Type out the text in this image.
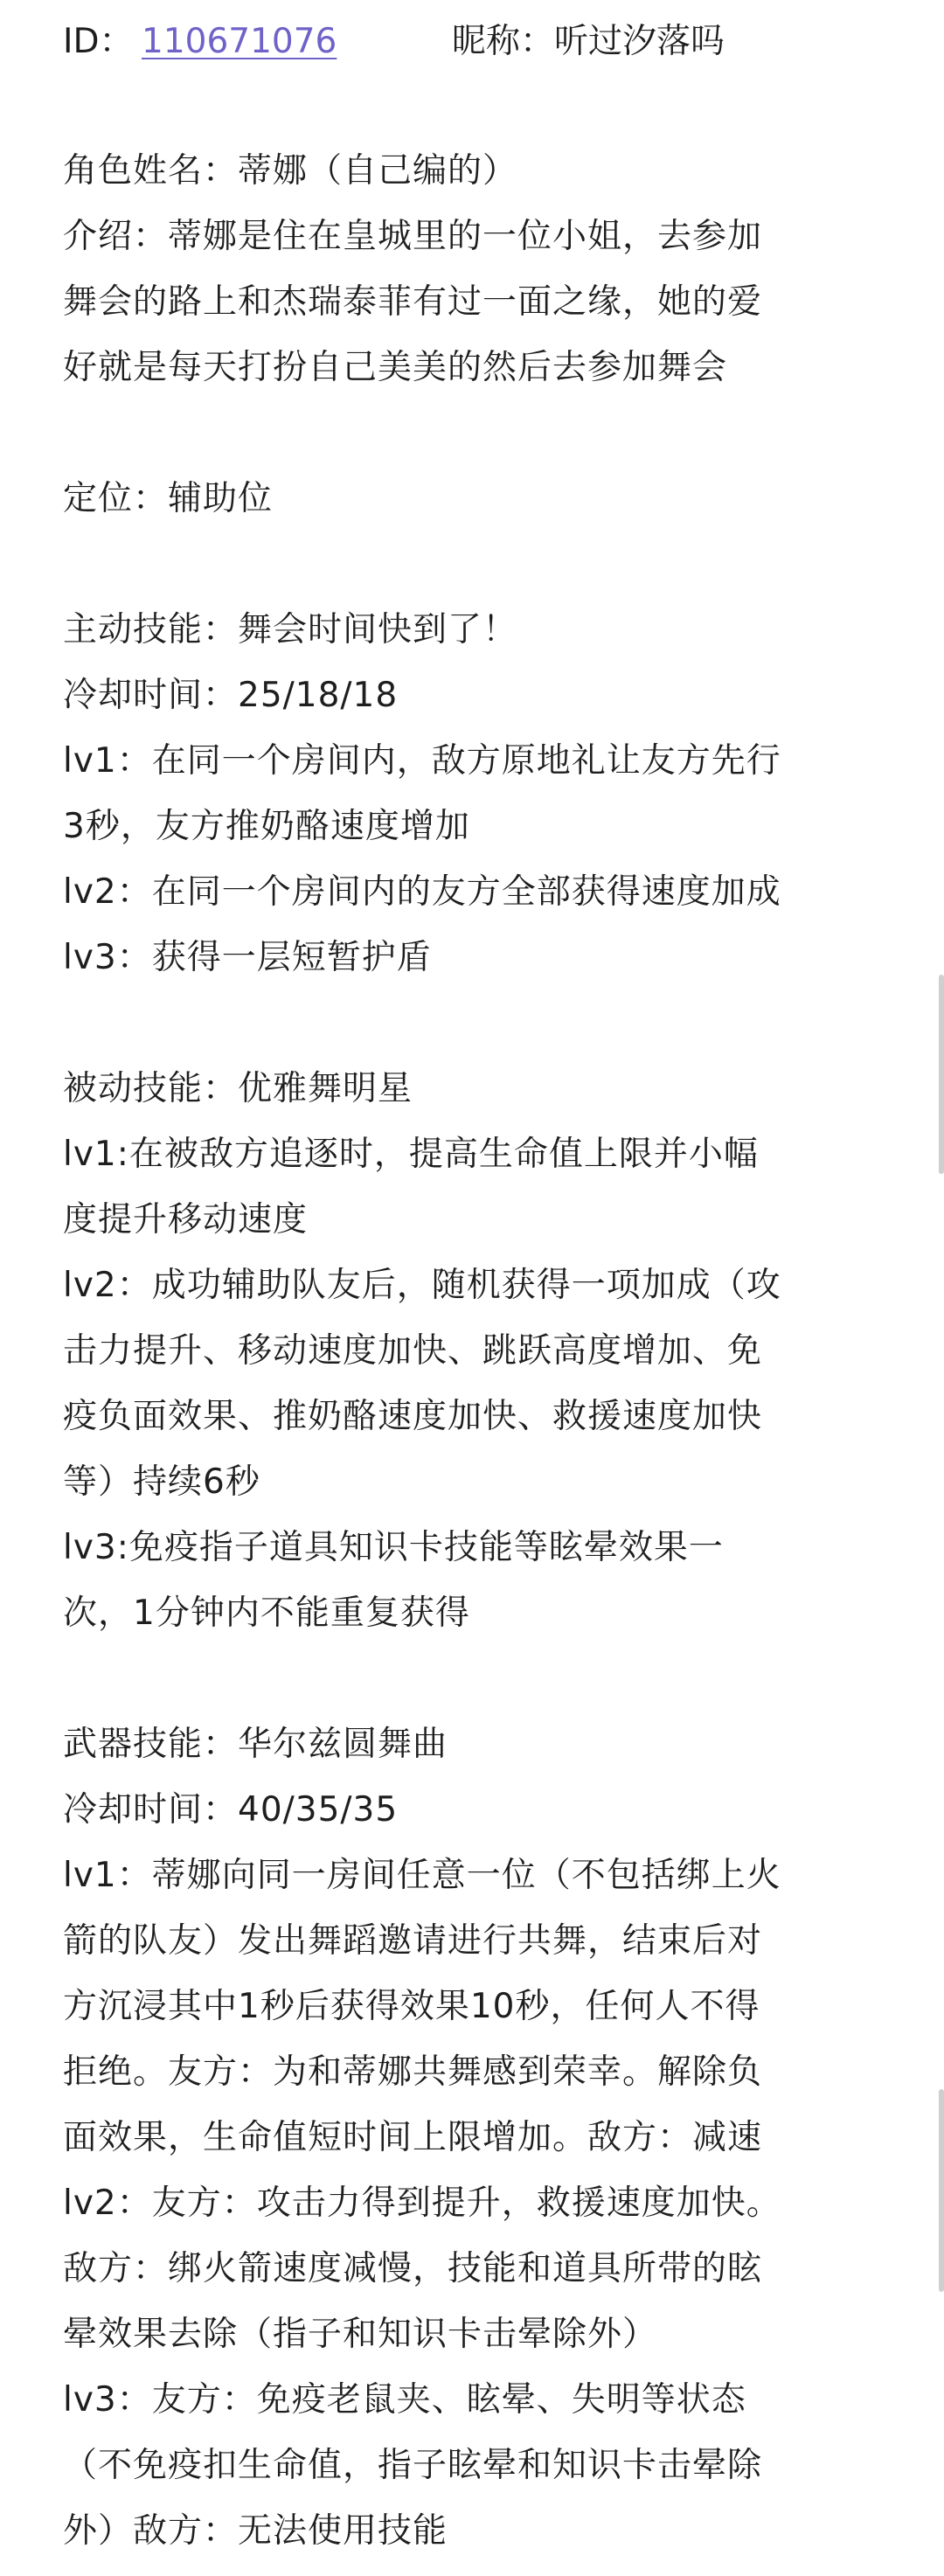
ID： 110671076	昵称：听过汐落吗
角色姓名：蒂娜（自己编的）
介绍：蒂娜是住在皇城里的一位小姐，去参加
舞会的路上和杰瑞泰菲有过一面之缘，她的爱
好就是每天打扮自己美美的然后去参加舞会
定位：辅助位
主动技能：舞会时间快到了！
冷却时间：25/18/18
lv1：在同一个房间内，敌方原地礼让友方先行
3秒，友方推奶酪速度增加
lv2：在同一个房间内的友方全部获得速度加成
lv3：获得一层短暂护盾
被动技能：优雅舞明星
lv1:在被敌方追逐时，提高生命值上限并小幅
度提升移动速度
lv2：成功辅助队友后，随机获得一项加成（攻
击力提升、移动速度加快、跳跃高度增加、免
疫负面效果、推奶酪速度加快、救援速度加快
等）持续6秒
lv3:免疫指子道具知识卡技能等眩晕效果一
次，1分钟内不能重复获得
武器技能：华尔兹圆舞曲
冷却时间：40/35/35
lv1：蒂娜向同一房间任意一位（不包括绑上火
箭的队友）发出舞蹈邀请进行共舞，结束后对
方沉浸其中1秒后获得效果10秒，任何人不得
拒绝。友方：为和蒂娜共舞感到荣幸。解除负
面效果，生命值短时间上限增加。敌方：减速
lv2：友方：攻击力得到提升，救援速度加快。
敌方：绑火箭速度减慢，技能和道具所带的眩
晕效果去除（指子和知识卡击晕除外）
lv3：友方：免疫老鼠夹、眩晕、失明等状态
（不免疫扣生命值，指子眩晕和知识卡击晕除
外）敌方：无法使用技能
